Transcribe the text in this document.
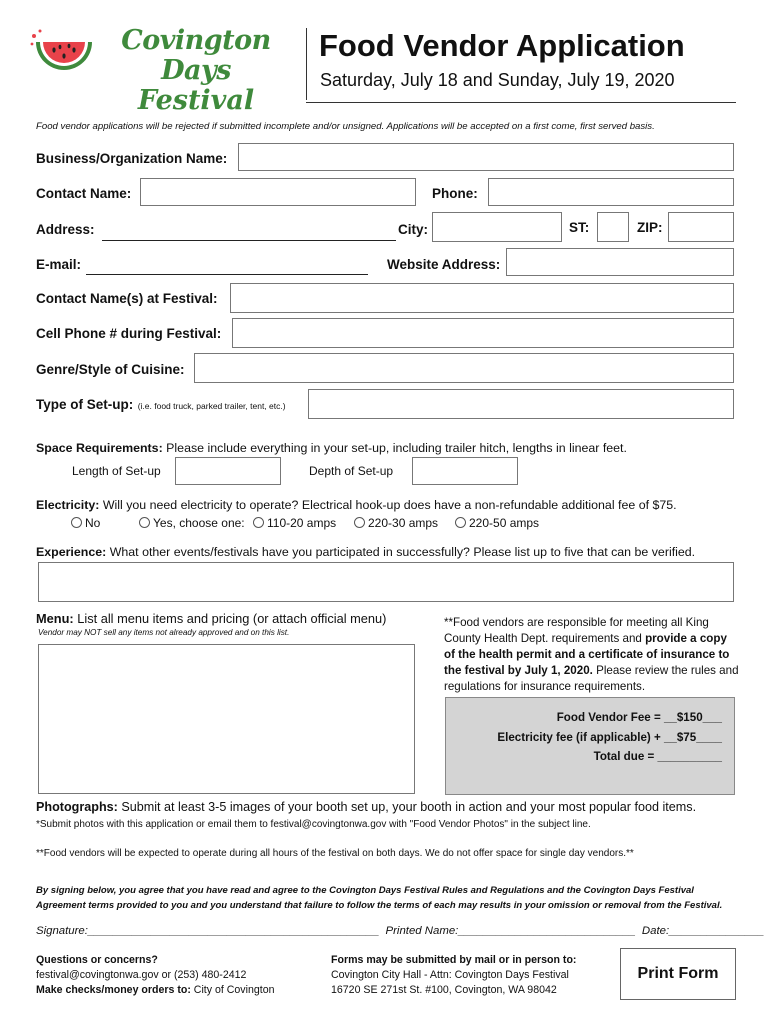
Covington Days
Festival
Food Vendor Application
Saturday, July 18 and Sunday, July 19, 2020
Food vendor applications will be rejected if submitted incomplete and/or unsigned. Applications will be accepted on a first come, first served basis.
Business/Organization Name:
Contact Name:	Phone:
Address:	City:	ST:	ZIP:
E-mail:	Website Address:
Contact Name(s) at Festival:
Cell Phone # during Festival:
Genre/Style of Cuisine:
Type of Set-up: (i.e. food truck, parked trailer, tent, etc.)
Space Requirements: Please include everything in your set-up, including trailer hitch, lengths in linear feet.
Length of Set-up	Depth of Set-up
Electricity: Will you need electricity to operate? Electrical hook-up does have a non-refundable additional fee of $75.
No	Yes, choose one:	110-20 amps	220-30 amps	220-50 amps
Experience: What other events/festivals have you participated in successfully? Please list up to five that can be verified.
Menu: List all menu items and pricing (or attach official menu)
Vendor may NOT sell any items not already approved and on this list.
**Food vendors are responsible for meeting all King County Health Dept. requirements and provide a copy of the health permit and a certificate of insurance to the festival by July 1, 2020. Please review the rules and regulations for insurance requirements.
Food Vendor Fee = __$150___
Electricity fee (if applicable) + __$75____
Total due = __________
Photographs: Submit at least 3-5 images of your booth set up, your booth in action and your most popular food items.
*Submit photos with this application or email them to festival@covingtonwa.gov with "Food Vendor Photos" in the subject line.
**Food vendors will be expected to operate during all hours of the festival on both days. We do not offer space for single day vendors.**
By signing below, you agree that you have read and agree to the Covington Days Festival Rules and Regulations and the Covington Days Festival Agreement terms provided to you and you understand that failure to follow the terms of each may results in your omission or removal from the Festival.
Signature:______________________________________________ Printed Name:____________________________ Date:_______________
Questions or concerns?
festival@covingtonwa.gov or (253) 480-2412
Make checks/money orders to: City of Covington
Forms may be submitted by mail or in person to:
Covington City Hall - Attn: Covington Days Festival
16720 SE 271st St. #100, Covington, WA 98042
Print Form
